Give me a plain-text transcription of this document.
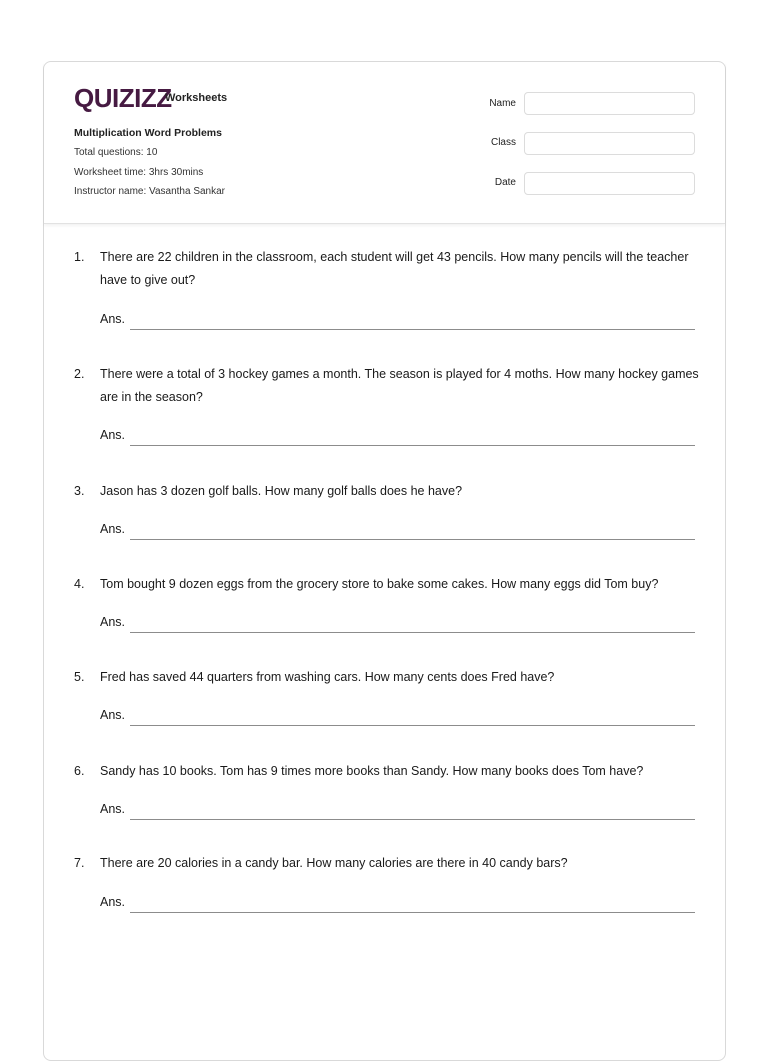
QUIZIZZ
Worksheets
Multiplication Word Problems
Total questions: 10
Worksheet time: 3hrs 30mins
Instructor name: Vasantha Sankar
Name
Class
Date
1. There are 22 children in the classroom, each student will get 43 pencils. How many pencils will the teacher have to give out?
Ans.
2. There were a total of 3 hockey games a month. The season is played for 4 moths. How many hockey games are in the season?
Ans.
3. Jason has 3 dozen golf balls. How many golf balls does he have?
Ans.
4. Tom bought 9 dozen eggs from the grocery store to bake some cakes. How many eggs did Tom buy?
Ans.
5. Fred has saved 44 quarters from washing cars. How many cents does Fred have?
Ans.
6. Sandy has 10 books. Tom has 9 times more books than Sandy. How many books does Tom have?
Ans.
7. There are 20 calories in a candy bar. How many calories are there in 40 candy bars?
Ans.
